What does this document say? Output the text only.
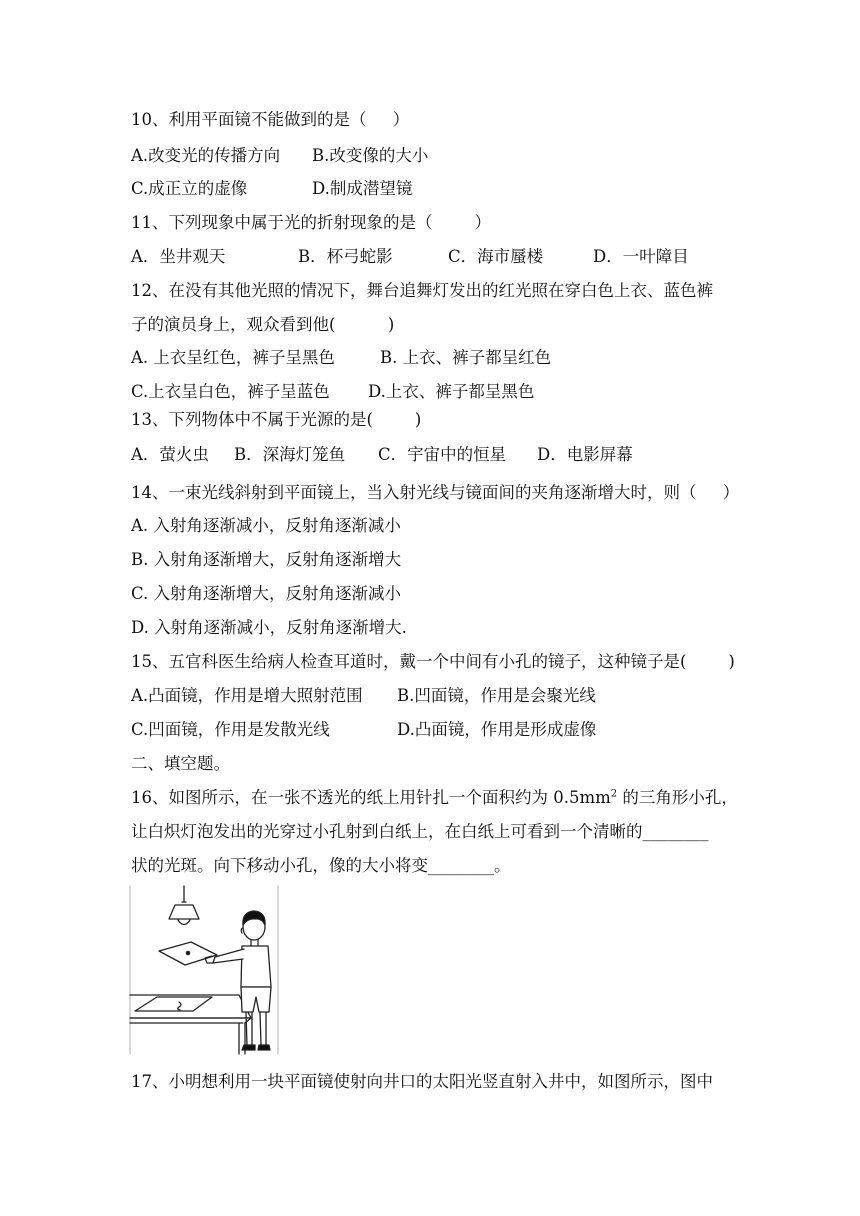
10、利用平面镜不能做到的是（     ）
A.改变光的传播方向 B.改变像的大小
C.成正立的虚像	D.制成潜望镜
11、下列现象中属于光的折射现象的是（        ）
A．坐井观天	B．杯弓蛇影	C．海市蜃楼	D．一叶障目
12、在没有其他光照的情况下，舞台追舞灯发出的红光照在穿白色上衣、蓝色裤
子的演员身上，观众看到他(          )
A. 上衣呈红色，裤子呈黑色	B. 上衣、裤子都呈红色
C.上衣呈白色，裤子呈蓝色 D.上衣、裤子都呈黑色
13、下列物体中不属于光源的是(        )
A．萤火虫 B．深海灯笼鱼 C．宇宙中的恒星 D．电影屏幕
14、一束光线斜射到平面镜上，当入射光线与镜面间的夹角逐渐增大时，则（     ）
A. 入射角逐渐减小，反射角逐渐减小
B. 入射角逐渐增大，反射角逐渐增大
C. 入射角逐渐增大，反射角逐渐减小
D. 入射角逐渐减小，反射角逐渐增大.
15、五官科医生给病人检查耳道时，戴一个中间有小孔的镜子，这种镜子是(        )
A.凸面镜，作用是增大照射范围 B.凹面镜，作用是会聚光线
C.凹面镜，作用是发散光线	D.凸面镜，作用是形成虚像
二、填空题。
16、如图所示，在一张不透光的纸上用针扎一个面积约为 $0.5mm^2$ 的三角形小孔，
让白炽灯泡发出的光穿过小孔射到白纸上，在白纸上可看到一个清晰的________
状的光斑。向下移动小孔，像的大小将变________。
17、小明想利用一块平面镜使射向井口的太阳光竖直射入井中，如图所示，图中
